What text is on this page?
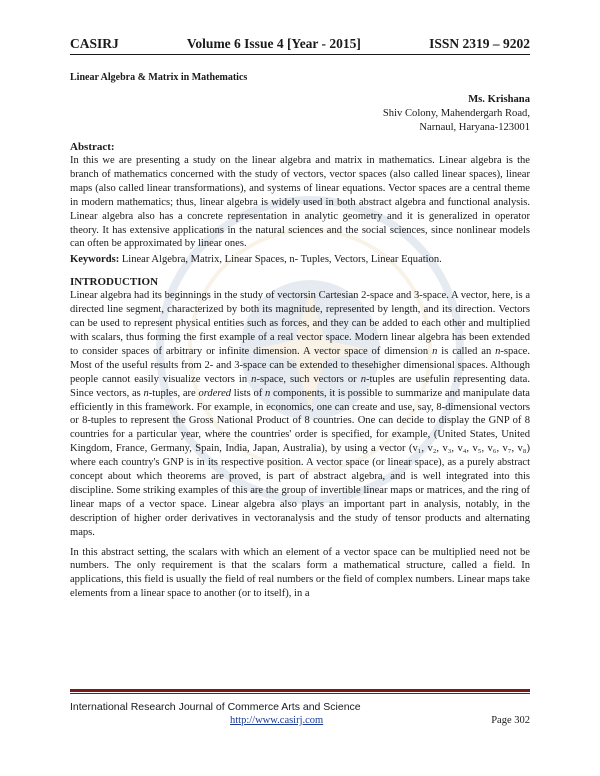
CASIRJ	Volume 6 Issue 4 [Year - 2015]	ISSN 2319 – 9202
Linear Algebra & Matrix in Mathematics
Ms. Krishana
Shiv Colony, Mahendergarh Road,
Narnaul, Haryana-123001
Abstract:

In this we are presenting a study on the linear algebra and matrix in mathematics. Linear algebra is the branch of mathematics concerned with the study of vectors, vector spaces (also called linear spaces), linear maps (also called linear transformations), and systems of linear equations. Vector spaces are a central theme in modern mathematics; thus, linear algebra is widely used in both abstract algebra and functional analysis. Linear algebra also has a concrete representation in analytic geometry and it is generalized in operator theory. It has extensive applications in the natural sciences and the social sciences, since nonlinear models can often be approximated by linear ones.

Keywords: Linear Algebra, Matrix, Linear Spaces, n- Tuples, Vectors, Linear Equation.

INTRODUCTION

Linear algebra had its beginnings in the study of vectorsin Cartesian 2-space and 3-space. A vector, here, is a directed line segment, characterized by both its magnitude, represented by length, and its direction. Vectors can be used to represent physical entities such as forces, and they can be added to each other and multiplied with scalars, thus forming the first example of a real vector space. Modern linear algebra has been extended to consider spaces of arbitrary or infinite dimension. A vector space of dimension n is called an n-space. Most of the useful results from 2- and 3-space can be extended to thesehigher dimensional spaces. Although people cannot easily visualize vectors in n-space, such vectors or n-tuples are usefulin representing data. Since vectors, as n-tuples, are ordered lists of n components, it is possible to summarize and manipulate data efficiently in this framework. For example, in economics, one can create and use, say, 8-dimensional vectors or 8-tuples to represent the Gross National Product of 8 countries. One can decide to display the GNP of 8 countries for a particular year, where the countries' order is specified, for example, (United States, United Kingdom, France, Germany, Spain, India, Japan, Australia), by using a vector (v₁, v₂, v₃, v₄, v₅, v₆, v₇, v₈) where each country's GNP is in its respective position. A vector space (or linear space), as a purely abstract concept about which theorems are proved, is part of abstract algebra, and is well integrated into this discipline. Some striking examples of this are the group of invertible linear maps or matrices, and the ring of linear maps of a vector space. Linear algebra also plays an important part in analysis, notably, in the description of higher order derivatives in vectoranalysis and the study of tensor products and alternating maps.

In this abstract setting, the scalars with which an element of a vector space can be multiplied need not be numbers. The only requirement is that the scalars form a mathematical structure, called a field. In applications, this field is usually the field of real numbers or the field of complex numbers. Linear maps take elements from a linear space to another (or to itself), in a

International Research Journal of Commerce Arts and Science
http://www.casirj.com	Page 302
